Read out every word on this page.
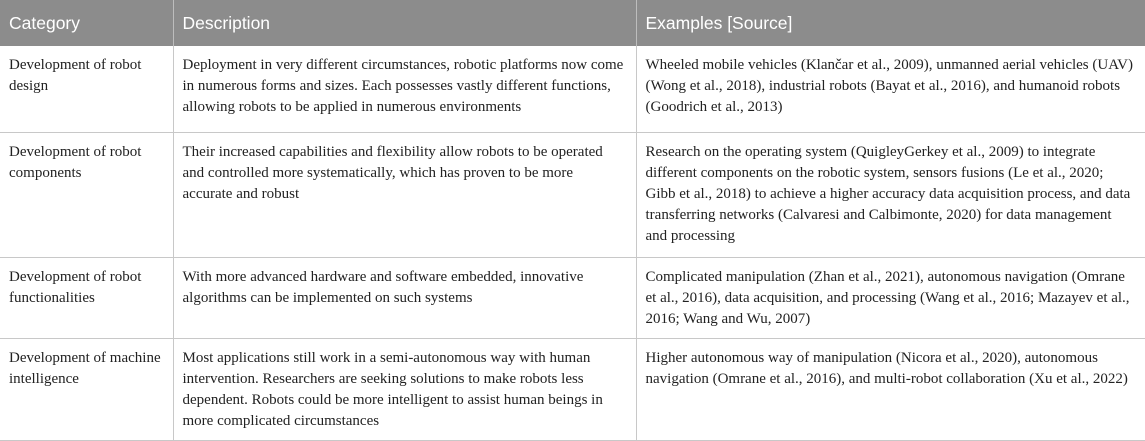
Category	Description	Examples [Source]
Development of robot design	Deployment in very different circumstances, robotic platforms now come in numerous forms and sizes. Each possesses vastly different functions, allowing robots to be applied in numerous environments	Wheeled mobile vehicles (Klančar et al., 2009), unmanned aerial vehicles (UAV) (Wong et al., 2018), industrial robots (Bayat et al., 2016), and humanoid robots (Goodrich et al., 2013)
Development of robot components	Their increased capabilities and flexibility allow robots to be operated and controlled more systematically, which has proven to be more accurate and robust	Research on the operating system (QuigleyGerkey et al., 2009) to integrate different components on the robotic system, sensors fusions (Le et al., 2020; Gibb et al., 2018) to achieve a higher accuracy data acquisition process, and data transferring networks (Calvaresi and Calbimonte, 2020) for data management and processing
Development of robot functionalities	With more advanced hardware and software embedded, innovative algorithms can be implemented on such systems	Complicated manipulation (Zhan et al., 2021), autonomous navigation (Omrane et al., 2016), data acquisition, and processing (Wang et al., 2016; Mazayev et al., 2016; Wang and Wu, 2007)
Development of machine intelligence	Most applications still work in a semi-autonomous way with human intervention. Researchers are seeking solutions to make robots less dependent. Robots could be more intelligent to assist human beings in more complicated circumstances	Higher autonomous way of manipulation (Nicora et al., 2020), autonomous navigation (Omrane et al., 2016), and multi-robot collaboration (Xu et al., 2022)
